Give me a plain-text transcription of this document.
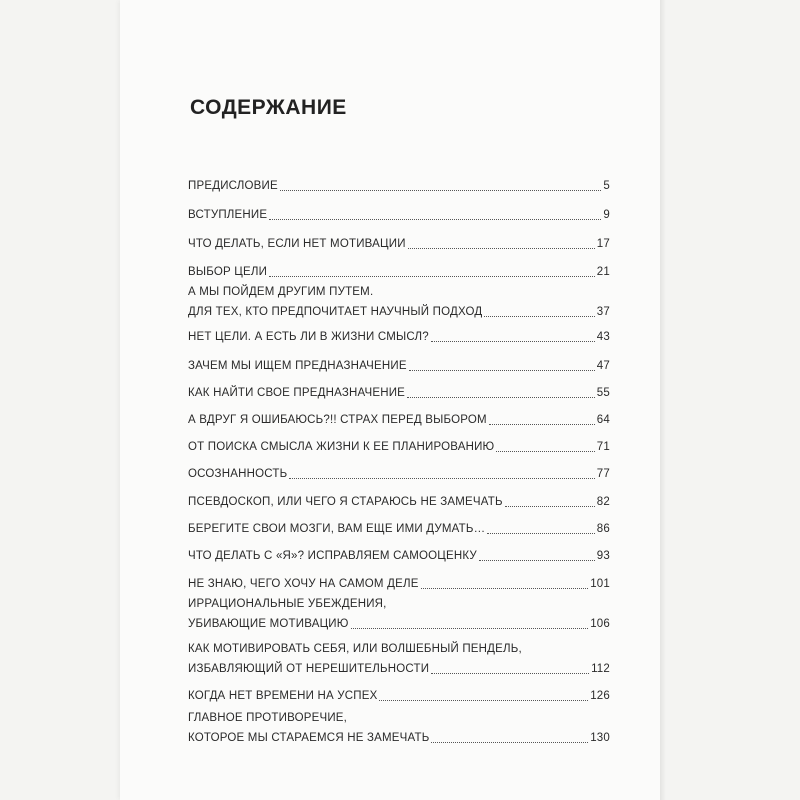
СОДЕРЖАНИЕ
ПРЕДИСЛОВИЕ	5
ВСТУПЛЕНИЕ	9
ЧТО ДЕЛАТЬ, ЕСЛИ НЕТ МОТИВАЦИИ	17
ВЫБОР ЦЕЛИ	21
А МЫ ПОЙДЕМ ДРУГИМ ПУТЕМ.
ДЛЯ ТЕХ, КТО ПРЕДПОЧИТАЕТ НАУЧНЫЙ ПОДХОД	37
НЕТ ЦЕЛИ. А ЕСТЬ ЛИ В ЖИЗНИ СМЫСЛ?	43
ЗАЧЕМ МЫ ИЩЕМ ПРЕДНАЗНАЧЕНИЕ	47
КАК НАЙТИ СВОЕ ПРЕДНАЗНАЧЕНИЕ	55
А ВДРУГ Я ОШИБАЮСЬ?!! СТРАХ ПЕРЕД ВЫБОРОМ	64
ОТ ПОИСКА СМЫСЛА ЖИЗНИ К ЕЕ ПЛАНИРОВАНИЮ	71
ОСОЗНАННОСТЬ	77
ПСЕВДОСКОП, ИЛИ ЧЕГО Я СТАРАЮСЬ НЕ ЗАМЕЧАТЬ	82
БЕРЕГИТЕ СВОИ МОЗГИ, ВАМ ЕЩЕ ИМИ ДУМАТЬ…	86
ЧТО ДЕЛАТЬ С «Я»? ИСПРАВЛЯЕМ САМООЦЕНКУ	93
НЕ ЗНАЮ, ЧЕГО ХОЧУ НА САМОМ ДЕЛЕ	101
ИРРАЦИОНАЛЬНЫЕ УБЕЖДЕНИЯ,
УБИВАЮЩИЕ МОТИВАЦИЮ	106
КАК МОТИВИРОВАТЬ СЕБЯ, ИЛИ ВОЛШЕБНЫЙ ПЕНДЕЛЬ,
ИЗБАВЛЯЮЩИЙ ОТ НЕРЕШИТЕЛЬНОСТИ	112
КОГДА НЕТ ВРЕМЕНИ НА УСПЕХ	126
ГЛАВНОЕ ПРОТИВОРЕЧИЕ,
КОТОРОЕ МЫ СТАРАЕМСЯ НЕ ЗАМЕЧАТЬ	130
